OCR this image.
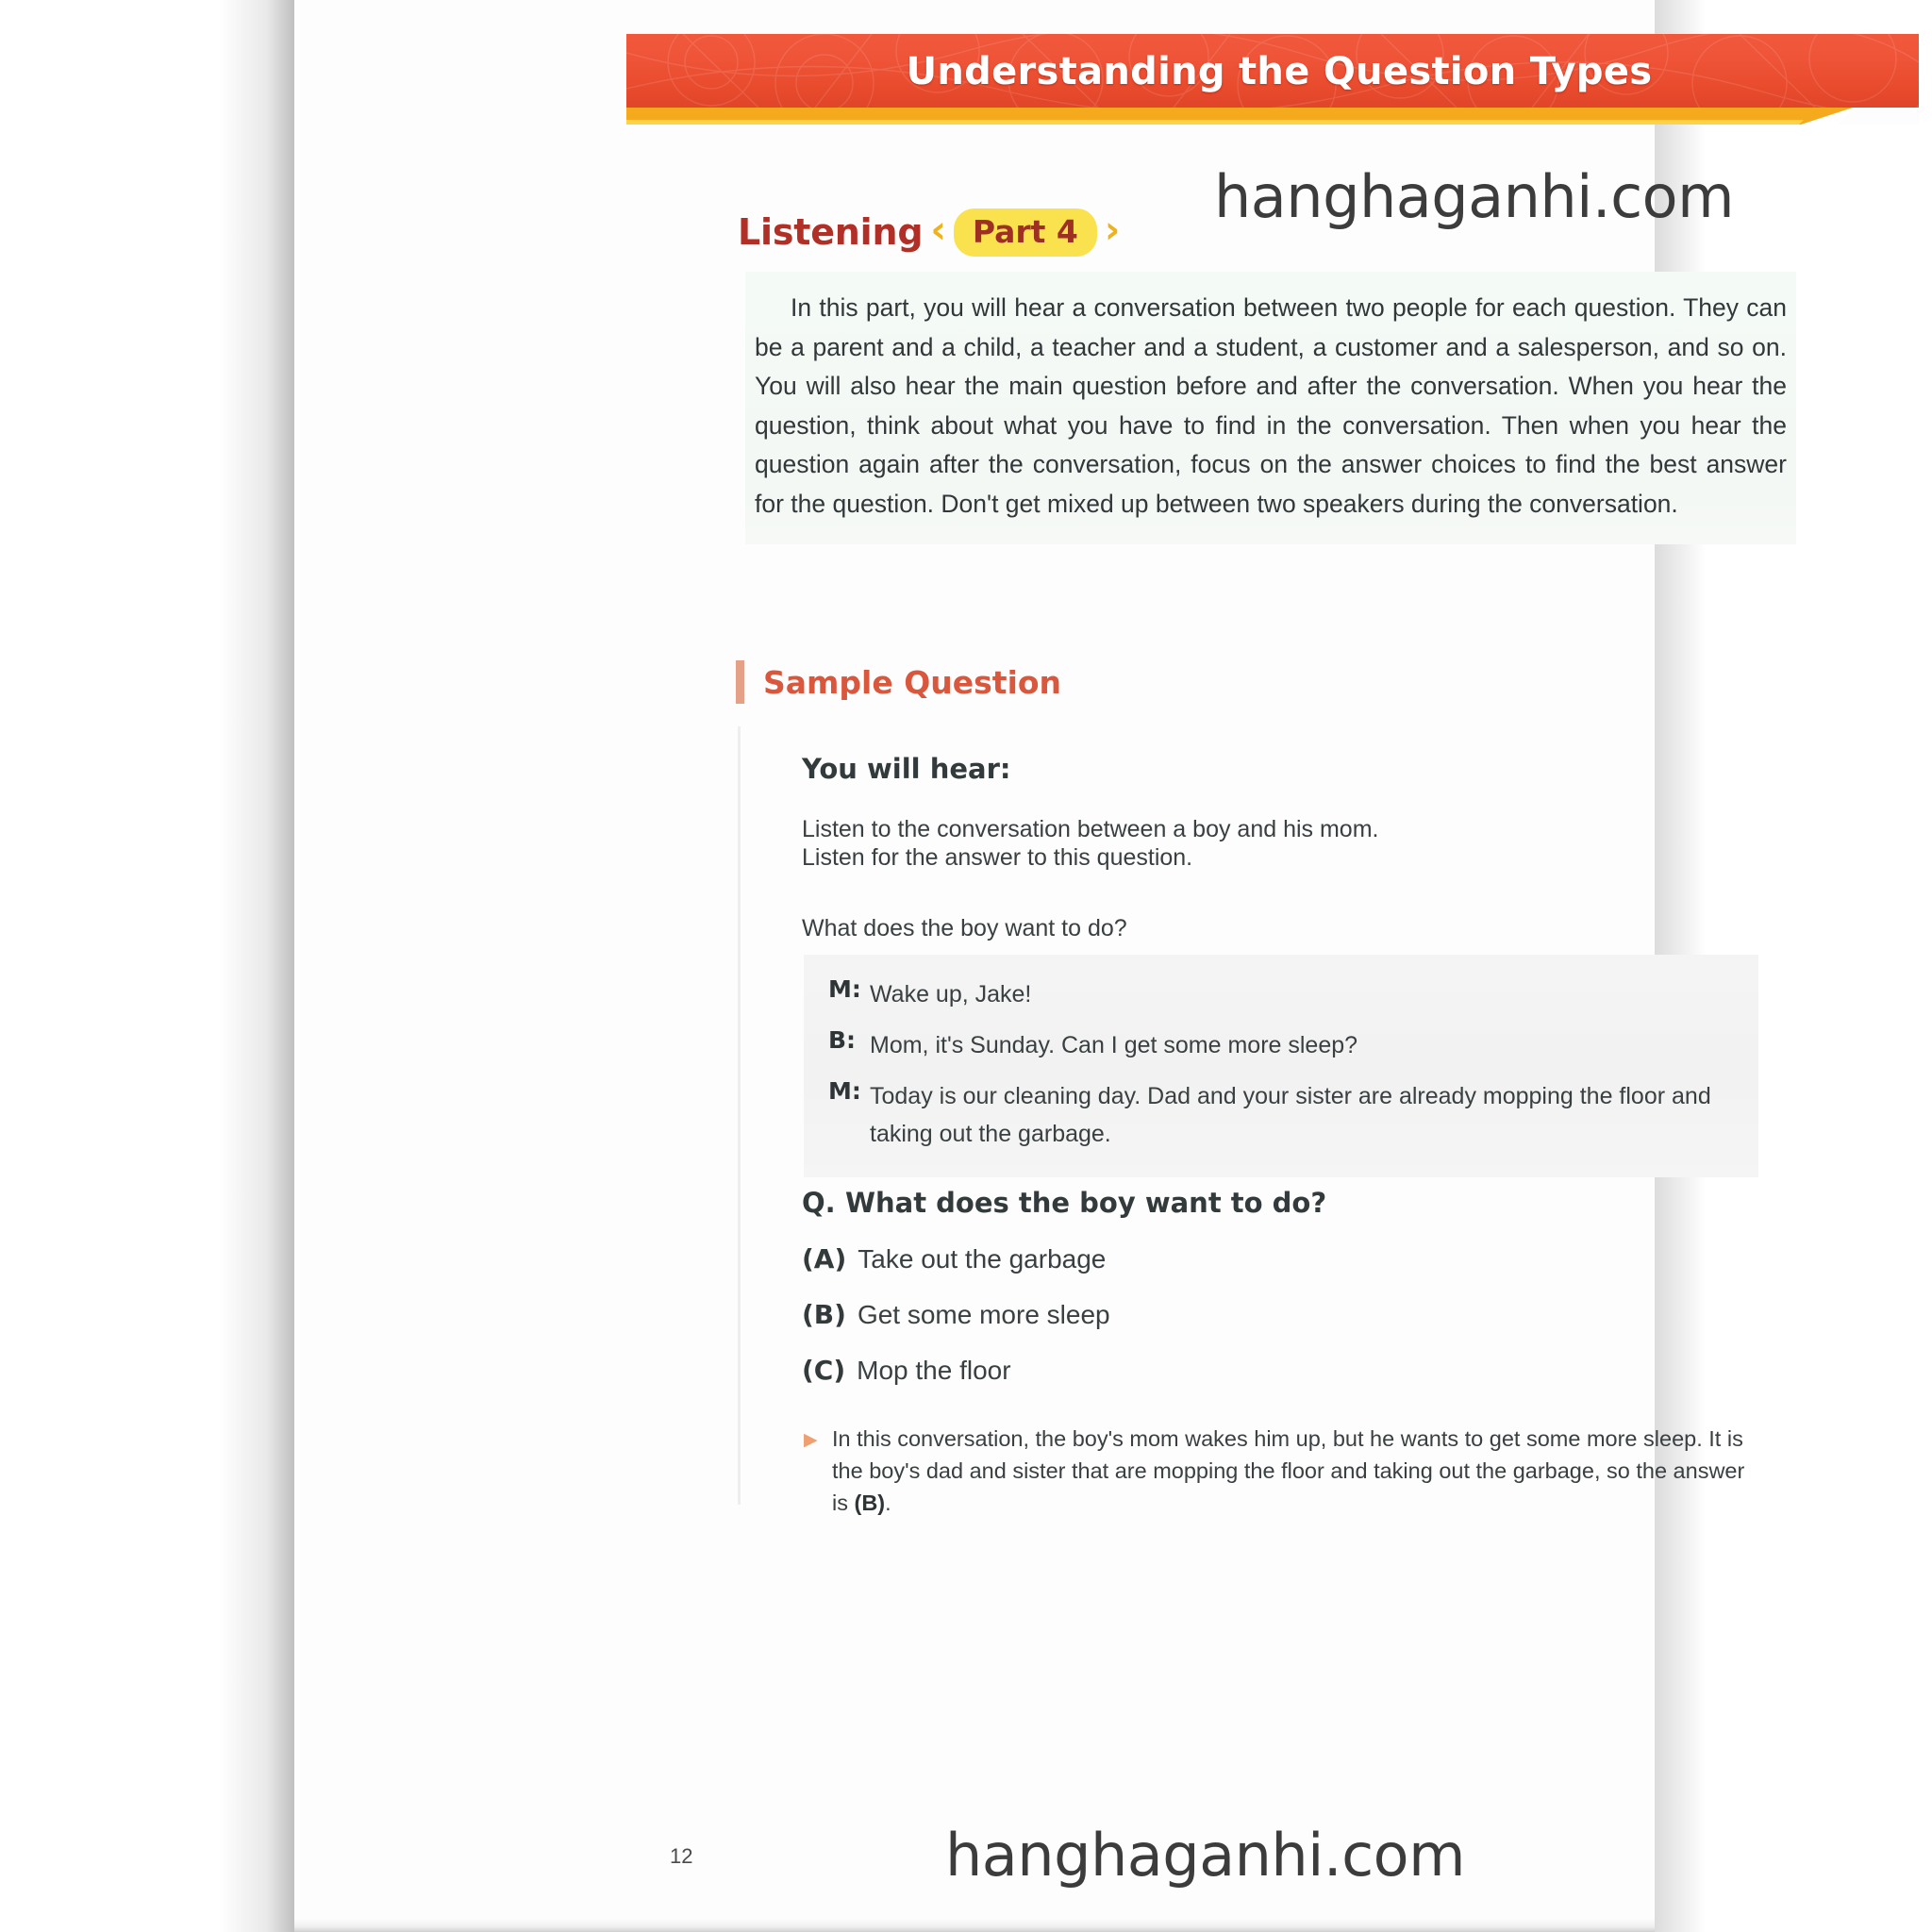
Understanding the Question Types
Listening ‹ Part 4 › hanghaganhi.com
In this part, you will hear a conversation between two people for each question. They can be a parent and a child, a teacher and a student, a customer and a salesperson, and so on. You will also hear the main question before and after the conversation. When you hear the question, think about what you have to find in the conversation. Then when you hear the question again after the conversation, focus on the answer choices to find the best answer for the question. Don't get mixed up between two speakers during the conversation.
Sample Question
You will hear:
Listen to the conversation between a boy and his mom.
Listen for the answer to this question.
What does the boy want to do?
M: Wake up, Jake!
B: Mom, it's Sunday. Can I get some more sleep?
M: Today is our cleaning day. Dad and your sister are already mopping the floor and taking out the garbage.
Q. What does the boy want to do?
(A) Take out the garbage
(B) Get some more sleep
(C) Mop the floor
▶ In this conversation, the boy's mom wakes him up, but he wants to get some more sleep. It is the boy's dad and sister that are mopping the floor and taking out the garbage, so the answer is (B).
12	hanghaganhi.com
